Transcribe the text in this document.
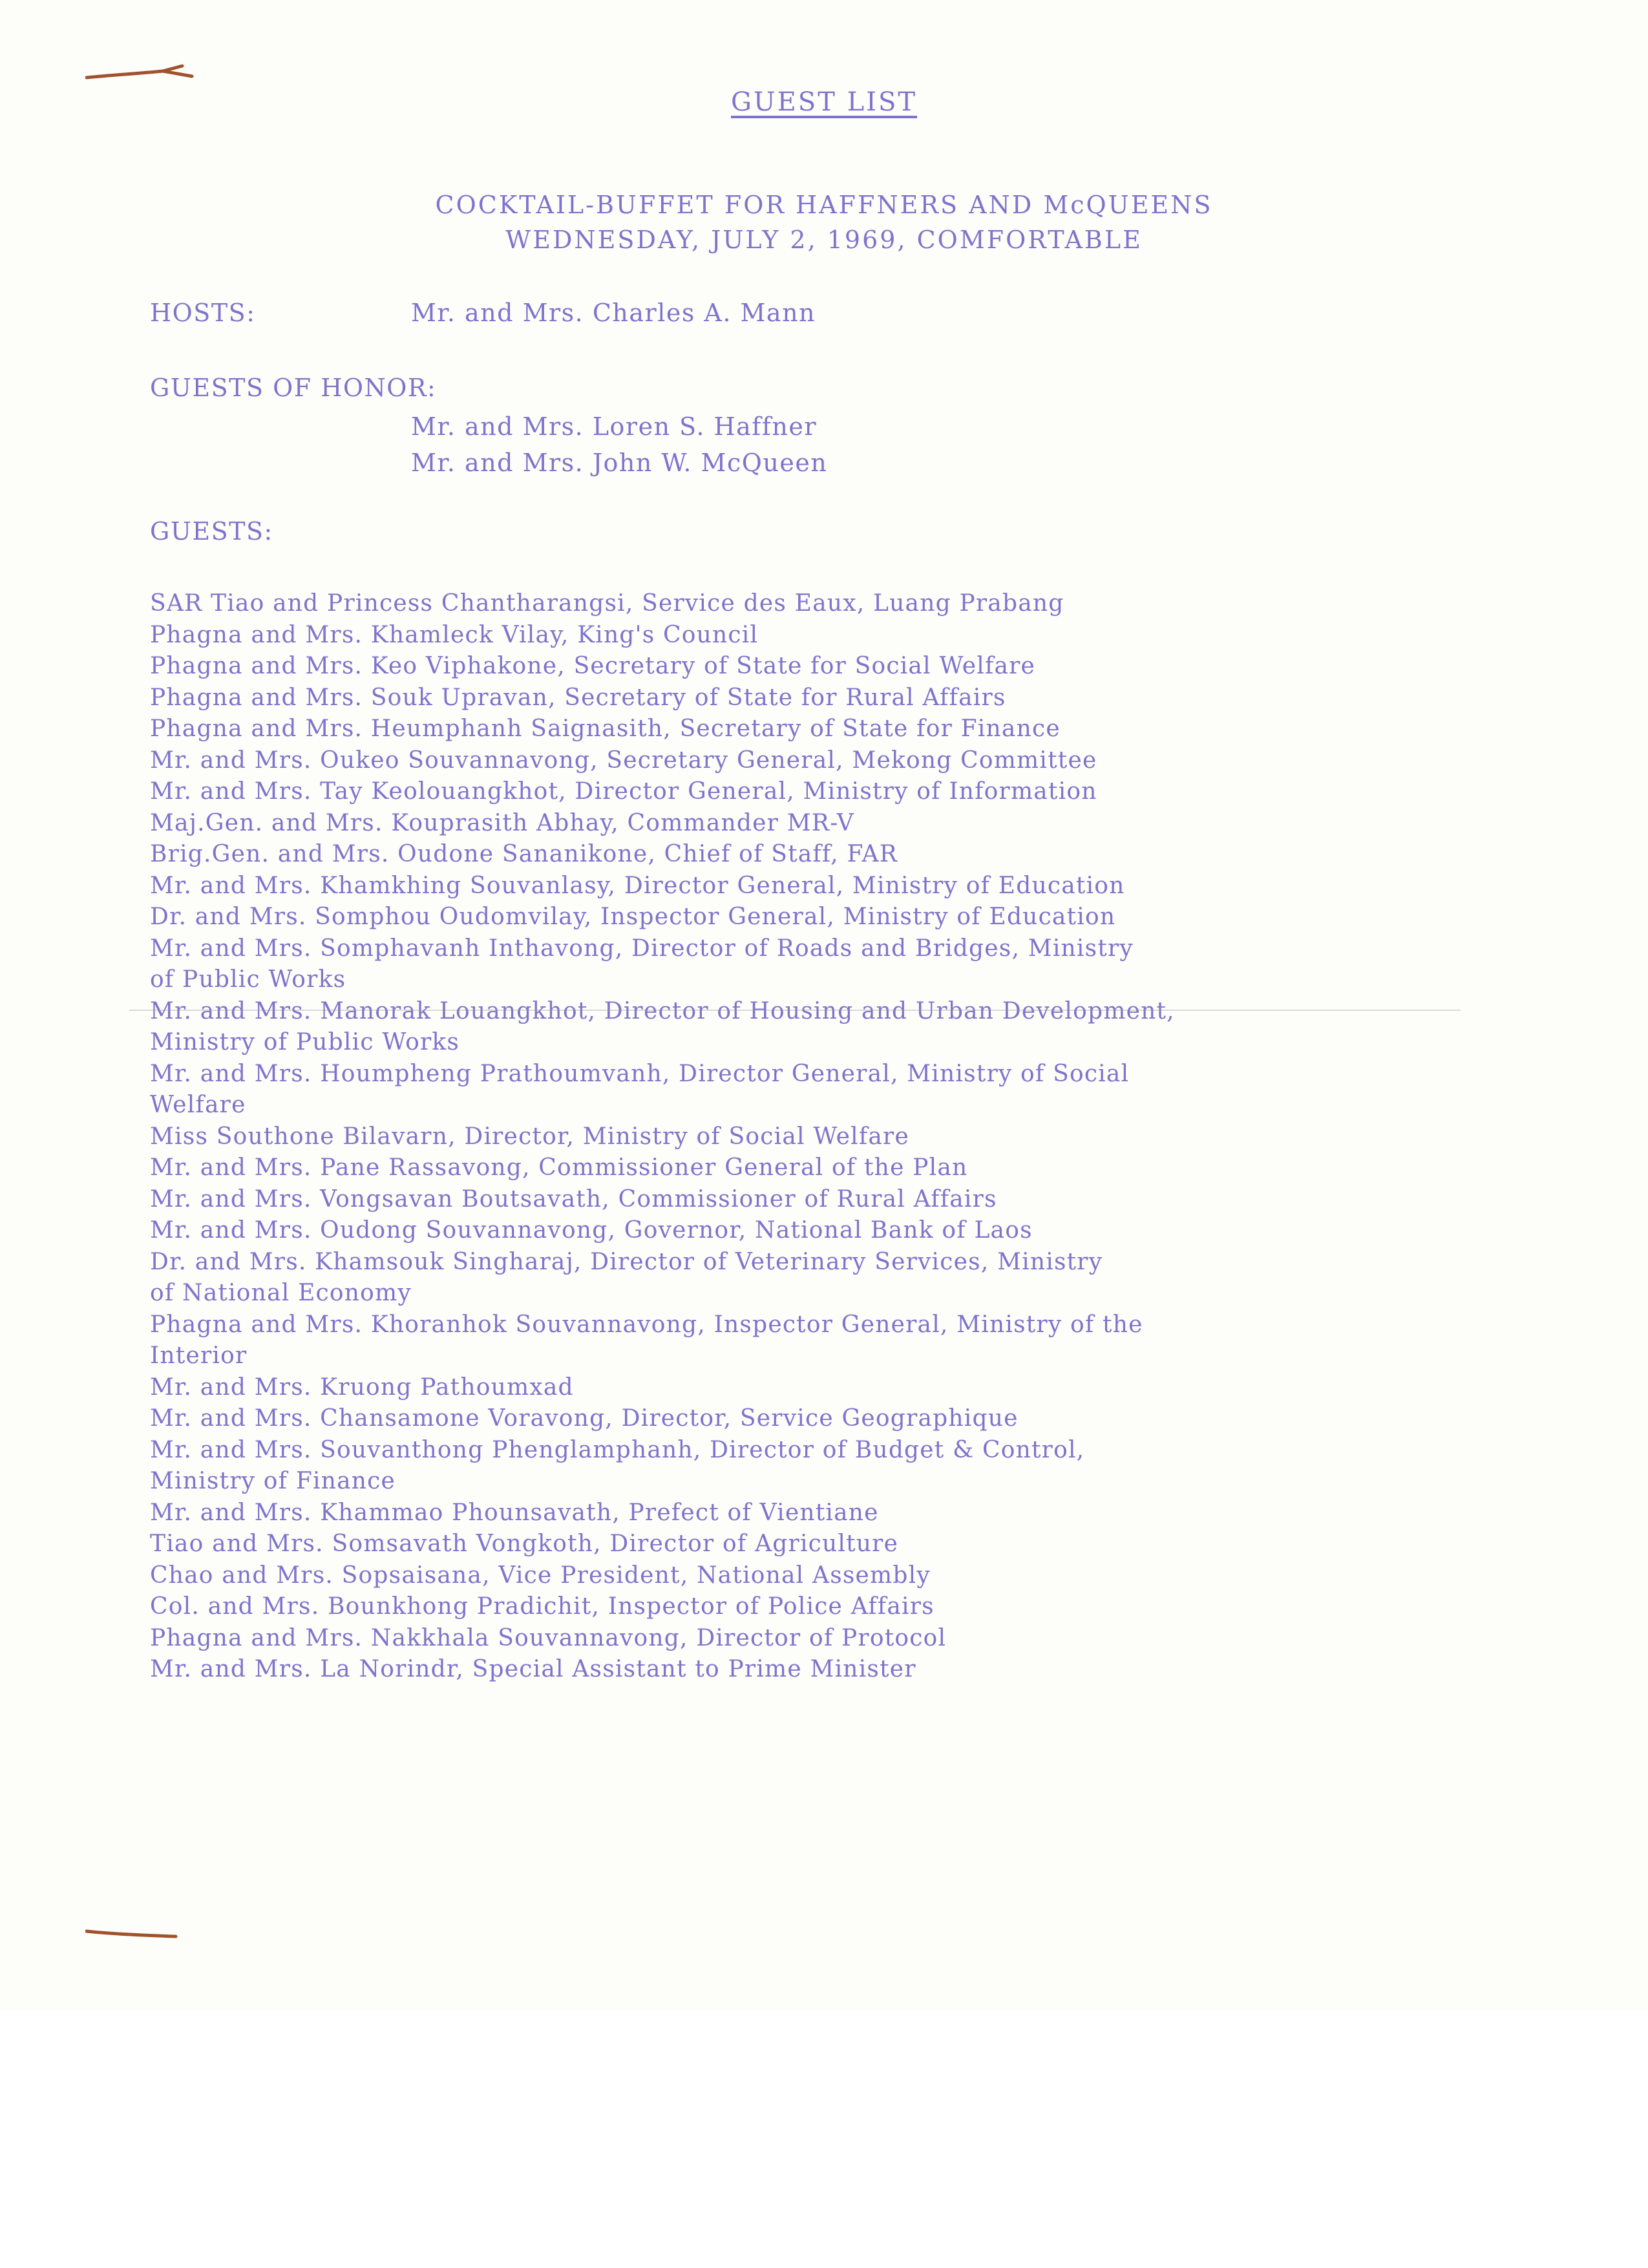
GUEST LIST
COCKTAIL-BUFFET FOR HAFFNERS AND McQUEENS
WEDNESDAY, JULY 2, 1969, COMFORTABLE
HOSTS:	Mr. and Mrs. Charles A. Mann
GUESTS OF HONOR:
Mr. and Mrs. Loren S. Haffner
Mr. and Mrs. John W. McQueen
GUESTS:
SAR Tiao and Princess Chantharangsi, Service des Eaux, Luang Prabang
Phagna and Mrs. Khamleck Vilay, King's Council
Phagna and Mrs. Keo Viphakone, Secretary of State for Social Welfare
Phagna and Mrs. Souk Upravan, Secretary of State for Rural Affairs
Phagna and Mrs. Heumphanh Saignasith, Secretary of State for Finance
Mr. and Mrs. Oukeo Souvannavong, Secretary General, Mekong Committee
Mr. and Mrs. Tay Keolouangkhot, Director General, Ministry of Information
Maj.Gen. and Mrs. Kouprasith Abhay, Commander MR-V
Brig.Gen. and Mrs. Oudone Sananikone, Chief of Staff, FAR
Mr. and Mrs. Khamkhing Souvanlasy, Director General, Ministry of Education
Dr. and Mrs. Somphou Oudomvilay, Inspector General, Ministry of Education
Mr. and Mrs. Somphavanh Inthavong, Director of Roads and Bridges, Ministry
of Public Works
Mr. and Mrs. Manorak Louangkhot, Director of Housing and Urban Development,
Ministry of Public Works
Mr. and Mrs. Houmpheng Prathoumvanh, Director General, Ministry of Social
Welfare
Miss Southone Bilavarn, Director, Ministry of Social Welfare
Mr. and Mrs. Pane Rassavong, Commissioner General of the Plan
Mr. and Mrs. Vongsavan Boutsavath, Commissioner of Rural Affairs
Mr. and Mrs. Oudong Souvannavong, Governor, National Bank of Laos
Dr. and Mrs. Khamsouk Singharaj, Director of Veterinary Services, Ministry
of National Economy
Phagna and Mrs. Khoranhok Souvannavong, Inspector General, Ministry of the
Interior
Mr. and Mrs. Kruong Pathoumxad
Mr. and Mrs. Chansamone Voravong, Director, Service Geographique
Mr. and Mrs. Souvanthong Phenglamphanh, Director of Budget & Control,
Ministry of Finance
Mr. and Mrs. Khammao Phounsavath, Prefect of Vientiane
Tiao and Mrs. Somsavath Vongkoth, Director of Agriculture
Chao and Mrs. Sopsaisana, Vice President, National Assembly
Col. and Mrs. Bounkhong Pradichit, Inspector of Police Affairs
Phagna and Mrs. Nakkhala Souvannavong, Director of Protocol
Mr. and Mrs. La Norindr, Special Assistant to Prime Minister
